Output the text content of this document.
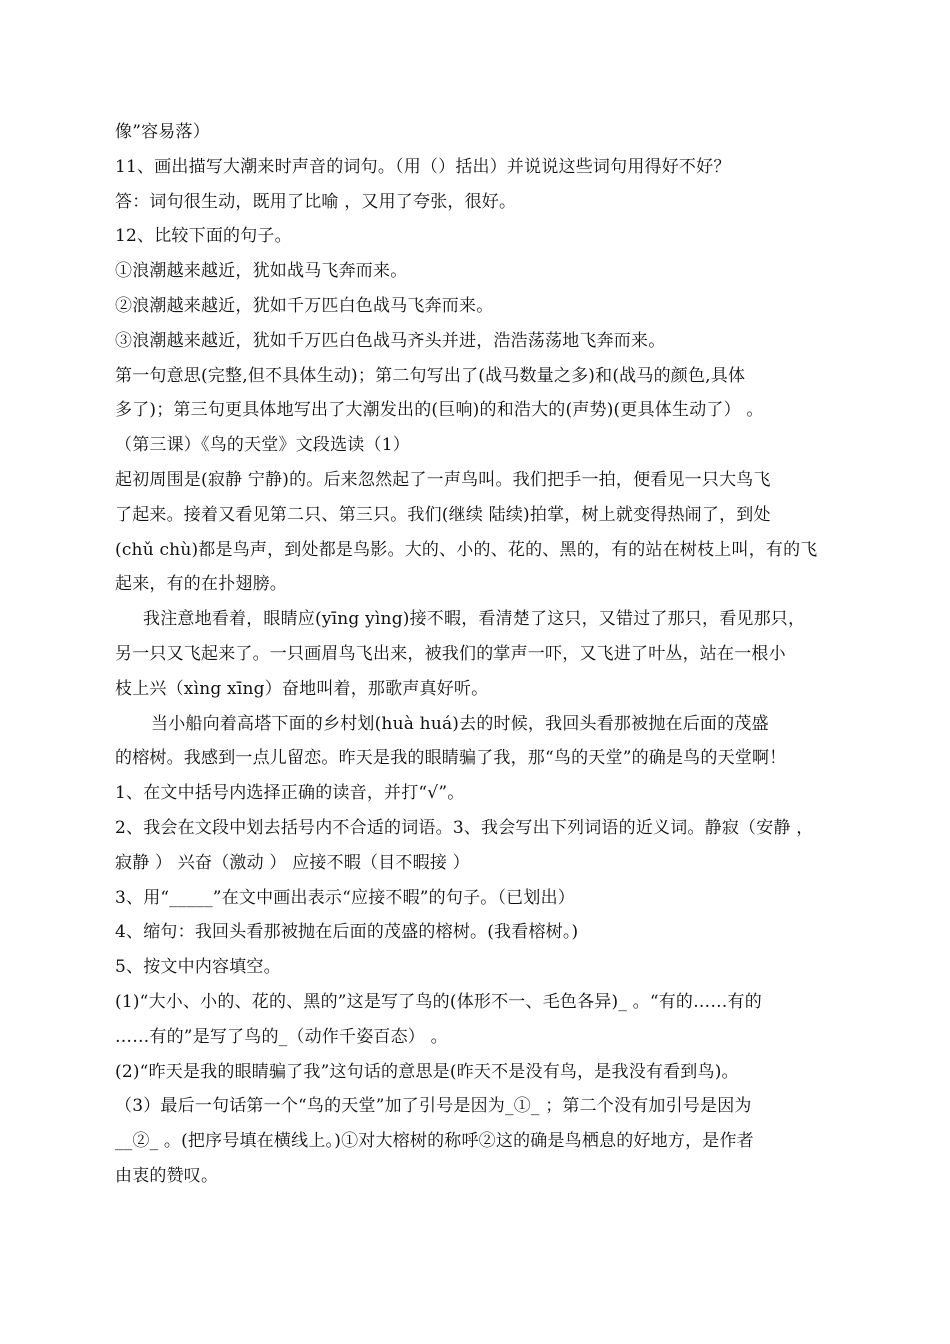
像”容易落）
11、画出描写大潮来时声音的词句。（用（）括出）并说说这些词句用得好不好？
答：词句很生动，既用了比喻 ，又用了夸张，很好。
12、比较下面的句子。
①浪潮越来越近，犹如战马飞奔而来。
②浪潮越来越近，犹如千万匹白色战马飞奔而来。
③浪潮越来越近，犹如千万匹白色战马齐头并进，浩浩荡荡地飞奔而来。
第一句意思(完整,但不具体生动)；第二句写出了(战马数量之多)和(战马的颜色,具体
多了)；第三句更具体地写出了大潮发出的(巨响)的和浩大的(声势)(更具体生动了） 。
（第三课）《鸟的天堂》文段选读（1）
起初周围是(寂静 宁静)的。后来忽然起了一声鸟叫。我们把手一拍，便看见一只大鸟飞
了起来。接着又看见第二只、第三只。我们(继续 陆续)拍掌，树上就变得热闹了，到处
(chǔ chù)都是鸟声，到处都是鸟影。大的、小的、花的、黑的，有的站在树枝上叫，有的飞
起来，有的在扑翅膀。
我注意地看着，眼睛应(yīng yìng)接不暇，看清楚了这只，又错过了那只，看见那只，
另一只又飞起来了。一只画眉鸟飞出来，被我们的掌声一吓，又飞进了叶丛，站在一根小
枝上兴（xìng xīng）奋地叫着，那歌声真好听。
当小船向着高塔下面的乡村划(huà huá)去的时候，我回头看那被抛在后面的茂盛
的榕树。我感到一点儿留恋。昨天是我的眼睛骗了我，那“鸟的天堂”的确是鸟的天堂啊！
1、在文中括号内选择正确的读音，并打“√”。
2、我会在文段中划去括号内不合适的词语。3、我会写出下列词语的近义词。静寂（安静 ，
寂静 ） 兴奋（激动 ） 应接不暇（目不暇接 ）
3、用“_____”在文中画出表示“应接不暇”的句子。（已划出）
4、缩句：我回头看那被抛在后面的茂盛的榕树。(我看榕树。)
5、按文中内容填空。
(1)“大小、小的、花的、黑的”这是写了鸟的(体形不一、毛色各异)_ 。“有的……有的
……有的”是写了鸟的_（动作千姿百态） 。
(2)“昨天是我的眼睛骗了我”这句话的意思是(昨天不是没有鸟，是我没有看到鸟)。
（3）最后一句话第一个“鸟的天堂”加了引号是因为_①_ ；第二个没有加引号是因为
__②_ 。(把序号填在横线上。)①对大榕树的称呼②这的确是鸟栖息的好地方，是作者
由衷的赞叹。
